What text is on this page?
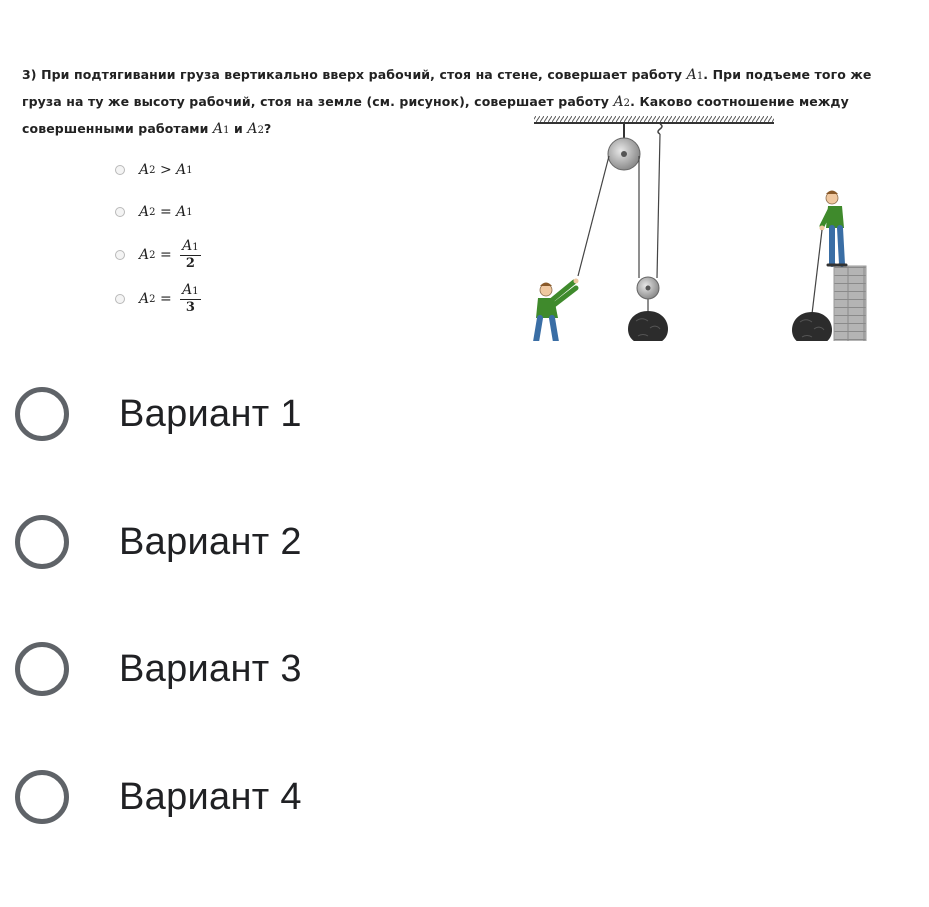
3) При подтягивании груза вертикально вверх рабочий, стоя на стене, совершает работу A1. При подъеме того же
груза на ту же высоту рабочий, стоя на земле (см. рисунок), совершает работу A2. Каково соотношение между
совершенными работами A1 и A2?
A 2 > A 1
A 2 = A 1
A $2 = \frac{A1}{2}$
A $2 = \frac{A1}{3}$
Вариант 1
Вариант 2
Вариант 3
Вариант 4
